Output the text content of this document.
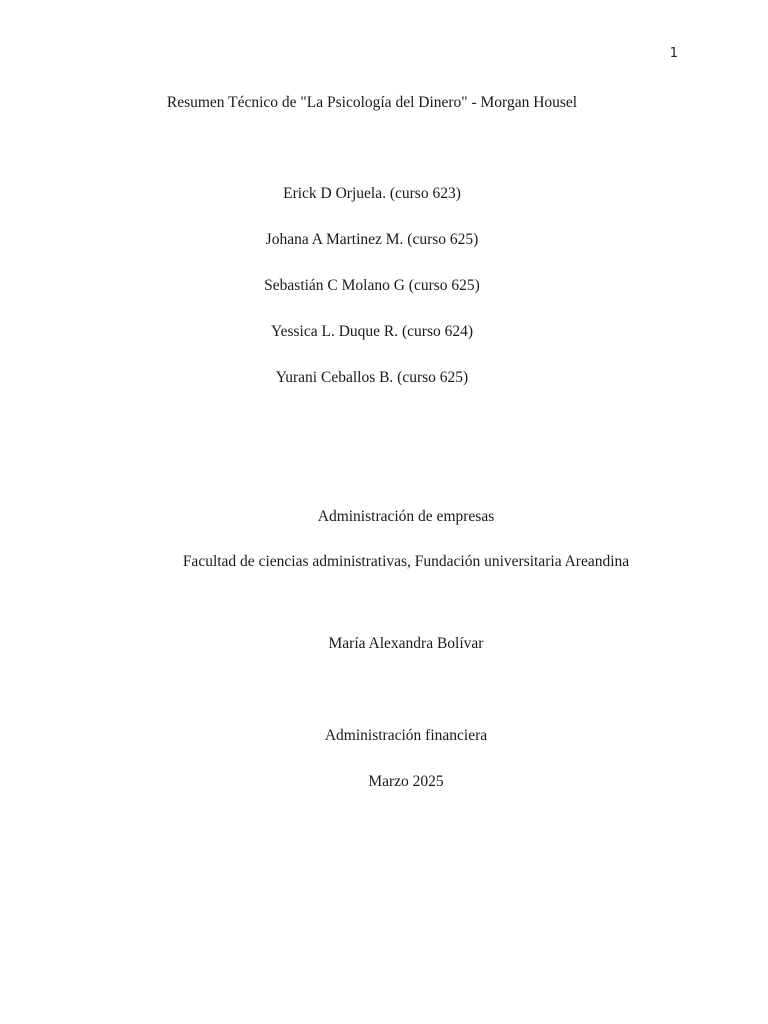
1
Resumen Técnico de "La Psicología del Dinero" - Morgan Housel
Erick D Orjuela. (curso 623)
Johana A Martinez M. (curso 625)
Sebastián C Molano G (curso 625)
Yessica L. Duque R. (curso 624)
Yurani Ceballos B. (curso 625)
Administración de empresas
Facultad de ciencias administrativas, Fundación universitaria Areandina
María Alexandra Bolívar
Administración financiera
Marzo 2025
